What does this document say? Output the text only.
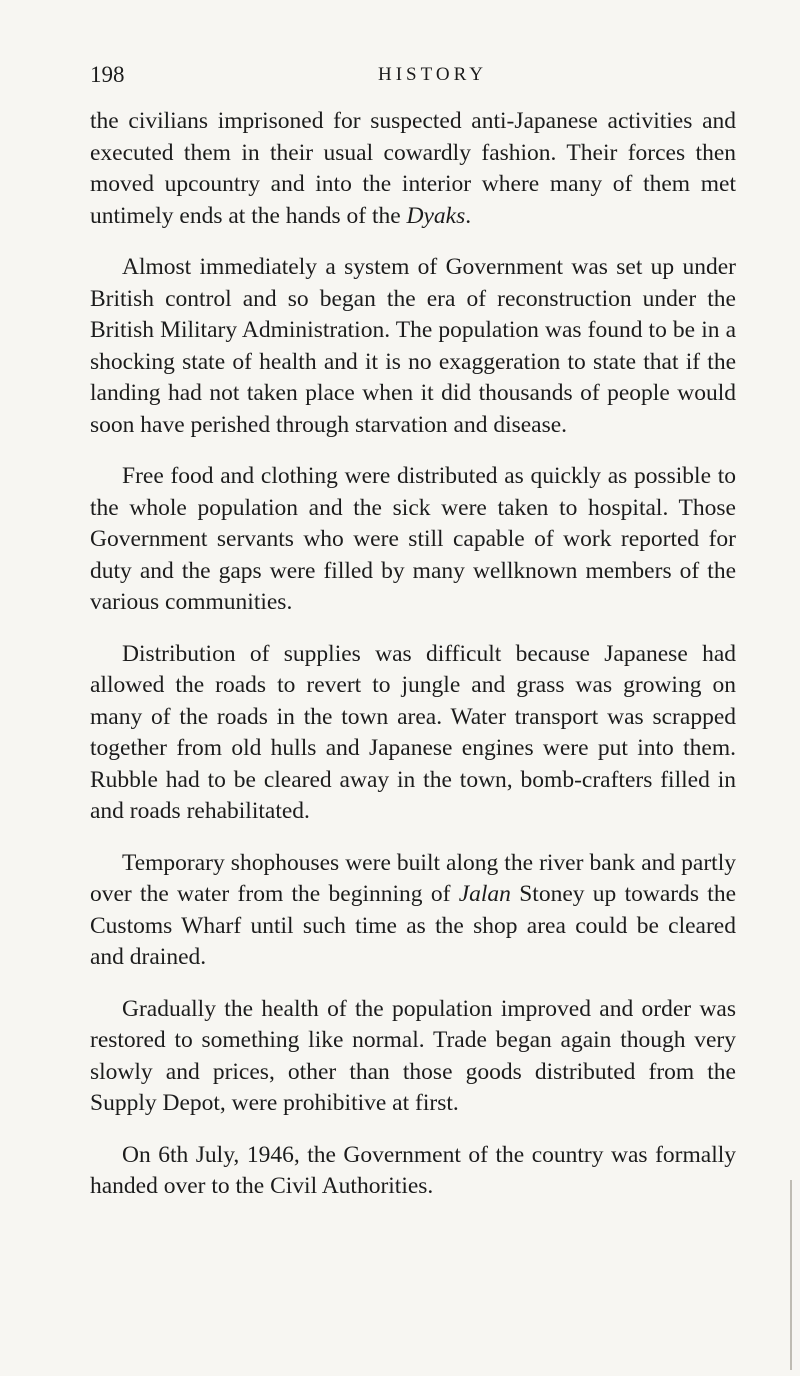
198	HISTORY

the civilians imprisoned for suspected anti-Japanese activities and executed them in their usual cowardly fashion. Their forces then moved upcountry and into the interior where many of them met untimely ends at the hands of the Dyaks.

Almost immediately a system of Government was set up under British control and so began the era of reconstruction under the British Military Administration. The population was found to be in a shocking state of health and it is no exaggeration to state that if the landing had not taken place when it did thousands of people would soon have perished through starvation and disease.

Free food and clothing were distributed as quickly as possible to the whole population and the sick were taken to hospital. Those Government servants who were still capable of work reported for duty and the gaps were filled by many wellknown members of the various communities.

Distribution of supplies was difficult because Japanese had allowed the roads to revert to jungle and grass was growing on many of the roads in the town area. Water transport was scrapped together from old hulls and Japanese engines were put into them. Rubble had to be cleared away in the town, bomb-crafters filled in and roads rehabilitated.

Temporary shophouses were built along the river bank and partly over the water from the beginning of Jalan Stoney up towards the Customs Wharf until such time as the shop area could be cleared and drained.

Gradually the health of the population improved and order was restored to something like normal. Trade began again though very slowly and prices, other than those goods distributed from the Supply Depot, were prohibitive at first.

On 6th July, 1946, the Government of the country was formally handed over to the Civil Authorities.
